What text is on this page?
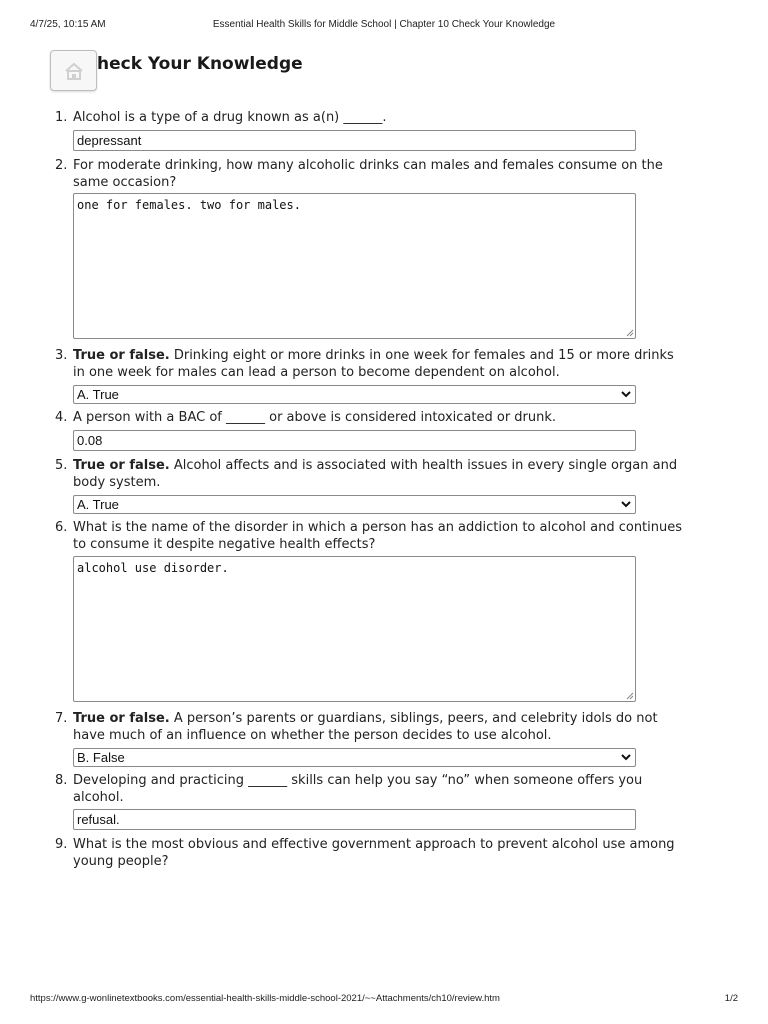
4/7/25, 10:15 AM	Essential Health Skills for Middle School | Chapter 10 Check Your Knowledge
heck Your Knowledge
1. Alcohol is a type of a drug known as a(n) ______.
depressant
2. For moderate drinking, how many alcoholic drinks can males and females consume on the same occasion?
one for females. two for males.
3. True or false. Drinking eight or more drinks in one week for females and 15 or more drinks in one week for males can lead a person to become dependent on alcohol.
A. True
4. A person with a BAC of ______ or above is considered intoxicated or drunk.
0.08
5. True or false. Alcohol affects and is associated with health issues in every single organ and body system.
A. True
6. What is the name of the disorder in which a person has an addiction to alcohol and continues to consume it despite negative health effects?
alcohol use disorder.
7. True or false. A person’s parents or guardians, siblings, peers, and celebrity idols do not have much of an influence on whether the person decides to use alcohol.
B. False
8. Developing and practicing ______ skills can help you say “no” when someone offers you alcohol.
refusal.
9. What is the most obvious and effective government approach to prevent alcohol use among young people?
https://www.g-wonlinetextbooks.com/essential-health-skills-middle-school-2021/~~Attachments/ch10/review.htm	1/2
